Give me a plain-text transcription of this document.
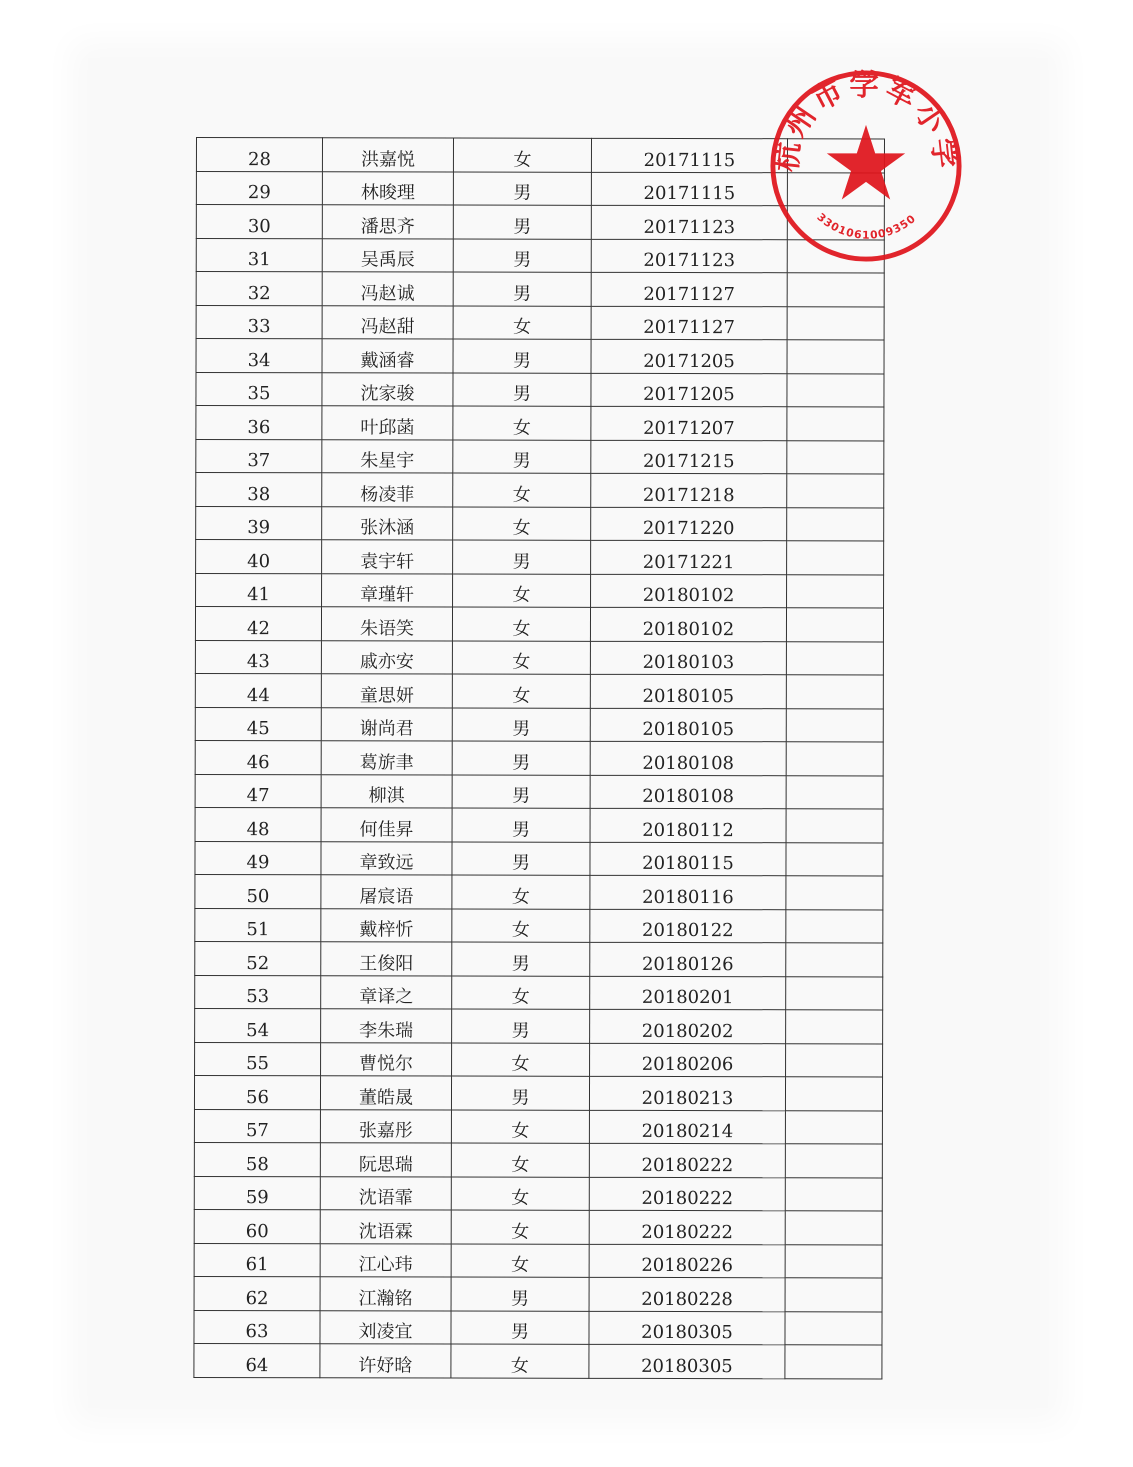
28	洪嘉悦	女	20171115	
29	林晙理	男	20171115	
30	潘思齐	男	20171123	
31	吴禹辰	男	20171123	
32	冯赵诚	男	20171127	
33	冯赵甜	女	20171127	
34	戴涵睿	男	20171205	
35	沈家骏	男	20171205	
36	叶邱菡	女	20171207	
37	朱星宇	男	20171215	
38	杨凌菲	女	20171218	
39	张沐涵	女	20171220	
40	袁宇轩	男	20171221	
41	章瑾轩	女	20180102	
42	朱语笑	女	20180102	
43	戚亦安	女	20180103	
44	童思妍	女	20180105	
45	谢尚君	男	20180105	
46	葛旂聿	男	20180108	
47	柳淇	男	20180108	
48	何佳昇	男	20180112	
49	章致远	男	20180115	
50	屠宸语	女	20180116	
51	戴梓忻	女	20180122	
52	王俊阳	男	20180126	
53	章译之	女	20180201	
54	李朱瑞	男	20180202	
55	曹悦尔	女	20180206	
56	董皓晟	男	20180213	
57	张嘉彤	女	20180214	
58	阮思瑞	女	20180222	
59	沈语霏	女	20180222	
60	沈语霖	女	20180222	
61	江心玮	女	20180226	
62	江瀚铭	男	20180228	
63	刘凌宜	男	20180305	
64	许妤晗	女	20180305	
杭州市学军小学
3301061009350
